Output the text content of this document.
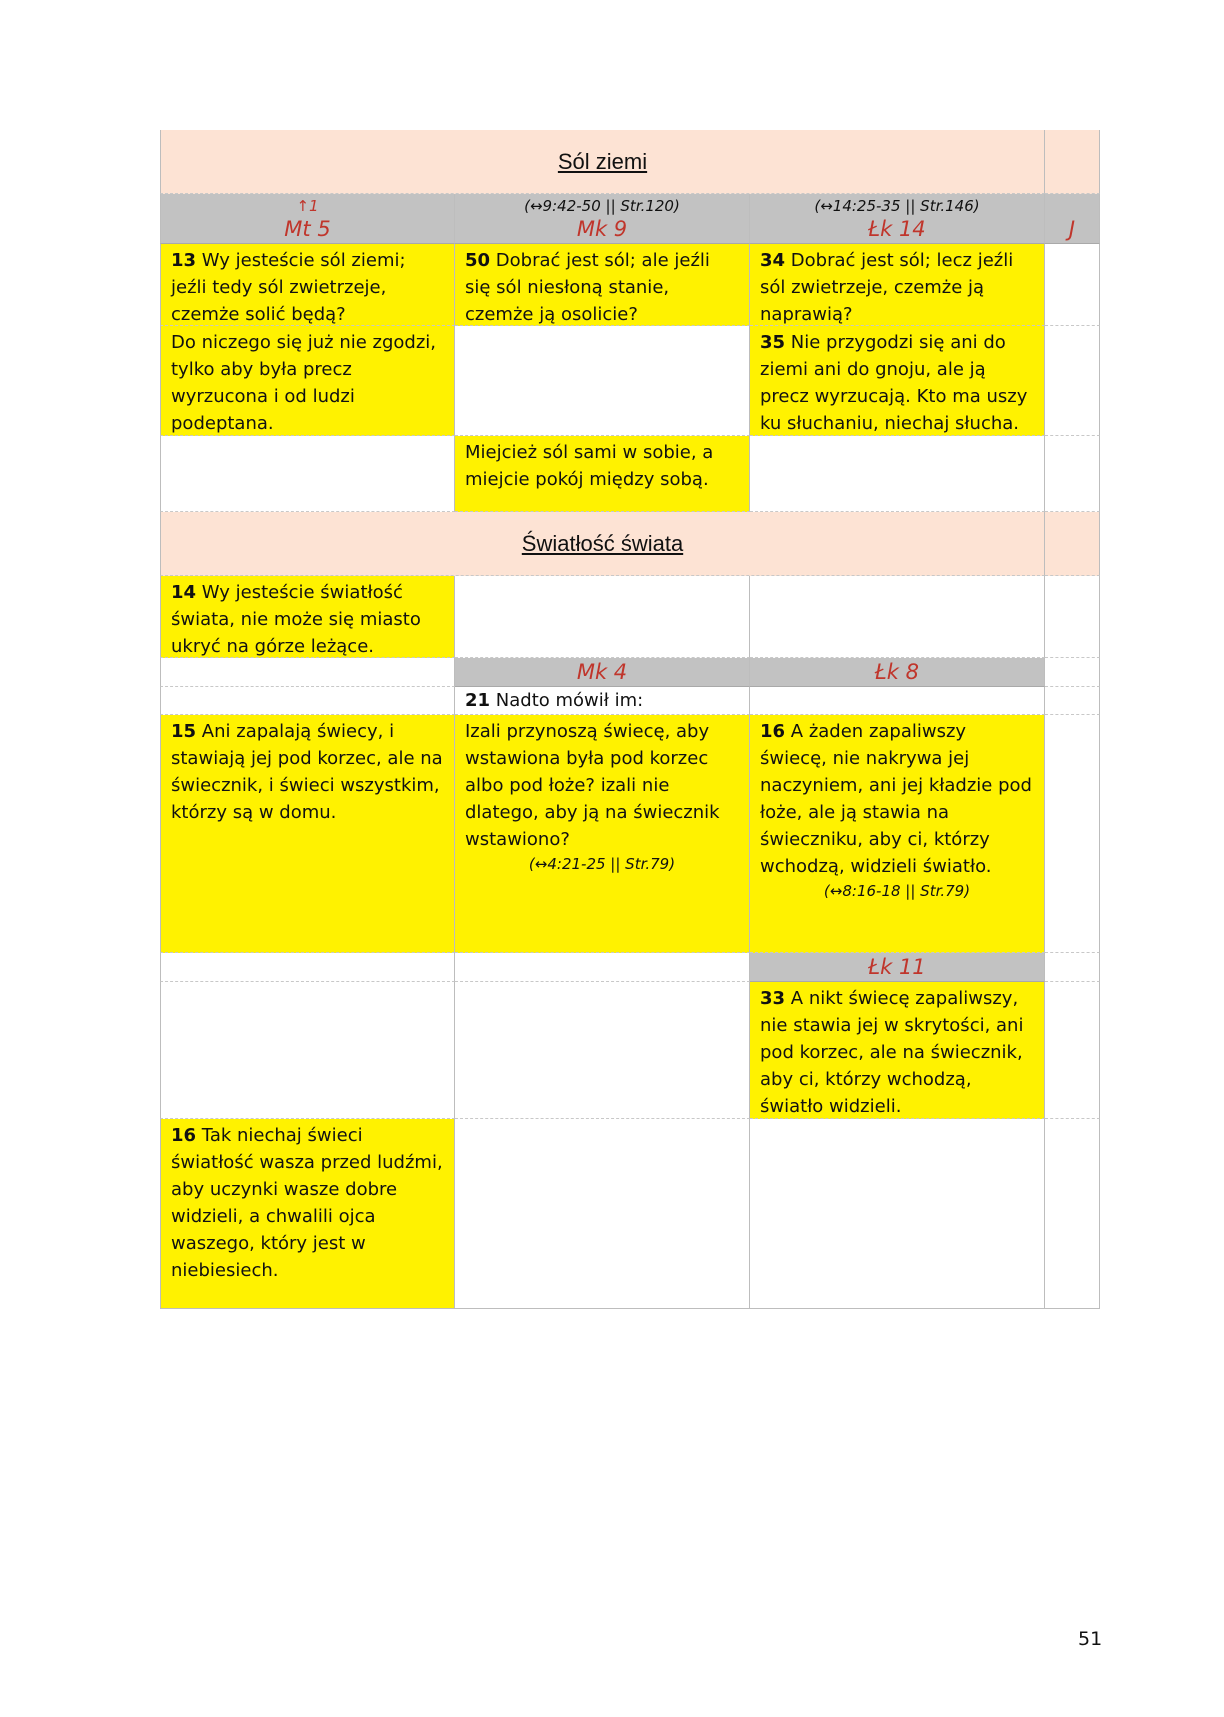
Sól ziemi
↑1
Mt 5
(↔9:42-50 || Str.120)
Mk 9
(↔14:25-35 || Str.146)
Łk 14	J
13 Wy jesteście sól ziemi; jeźli tedy sól zwietrzeje, czemże solić będą?
50 Dobrać jest sól; ale jeźli się sól niesłoną stanie, czemże ją osolicie?
34 Dobrać jest sól; lecz jeźli sól zwietrzeje, czemże ją naprawią?
Do niczego się już nie zgodzi, tylko aby była precz wyrzucona i od ludzi podeptana.
35 Nie przygodzi się ani do ziemi ani do gnoju, ale ją precz wyrzucają. Kto ma uszy ku słuchaniu, niechaj słucha.
Miejcież sól sami w sobie, a miejcie pokój między sobą.
Światłość świata
14 Wy jesteście światłość świata, nie może się miasto ukryć na górze leżące.
Mk 4	Łk 8
21 Nadto mówił im:
15 Ani zapalają świecy, i stawiają jej pod korzec, ale na świecznik, i świeci wszystkim, którzy są w domu.
Izali przynoszą świecę, aby wstawiona była pod korzec albo pod łoże? izali nie dlatego, aby ją na świecznik wstawiono?
(↔4:21-25 || Str.79)
16 A żaden zapaliwszy świecę, nie nakrywa jej naczyniem, ani jej kładzie pod łoże, ale ją stawia na świeczniku, aby ci, którzy wchodzą, widzieli światło.
(↔8:16-18 || Str.79)
Łk 11
33 A nikt świecę zapaliwszy, nie stawia jej w skrytości, ani pod korzec, ale na świecznik, aby ci, którzy wchodzą, światło widzieli.
16 Tak niechaj świeci światłość wasza przed ludźmi, aby uczynki wasze dobre widzieli, a chwalili ojca waszego, który jest w niebiesiech.
51
